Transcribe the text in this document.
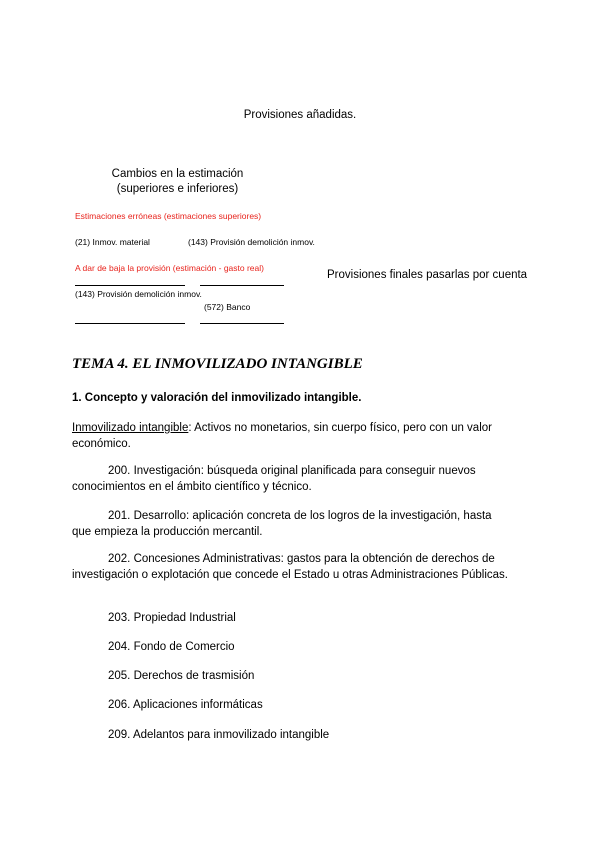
Provisiones añadidas.
Cambios en la estimación
(superiores e inferiores)
Estimaciones erróneas (estimaciones superiores)
(21) Inmov. material	(143) Provisión demolición inmov.
A dar de baja la provisión (estimación - gasto real)
(143) Provisión demolición inmov.
(572) Banco
Provisiones finales pasarlas por cuenta
TEMA 4. EL INMOVILIZADO INTANGIBLE
1. Concepto y valoración del inmovilizado intangible.
Inmovilizado intangible: Activos no monetarios, sin cuerpo físico, pero con un valor económico.
200. Investigación: búsqueda original planificada para conseguir nuevos conocimientos en el ámbito científico y técnico.
201. Desarrollo: aplicación concreta de los logros de la investigación, hasta que empieza la producción mercantil.
202. Concesiones Administrativas: gastos para la obtención de derechos de investigación o explotación que concede el Estado u otras Administraciones Públicas.
203. Propiedad Industrial
204. Fondo de Comercio
205. Derechos de trasmisión
206. Aplicaciones informáticas
209. Adelantos para inmovilizado intangible
